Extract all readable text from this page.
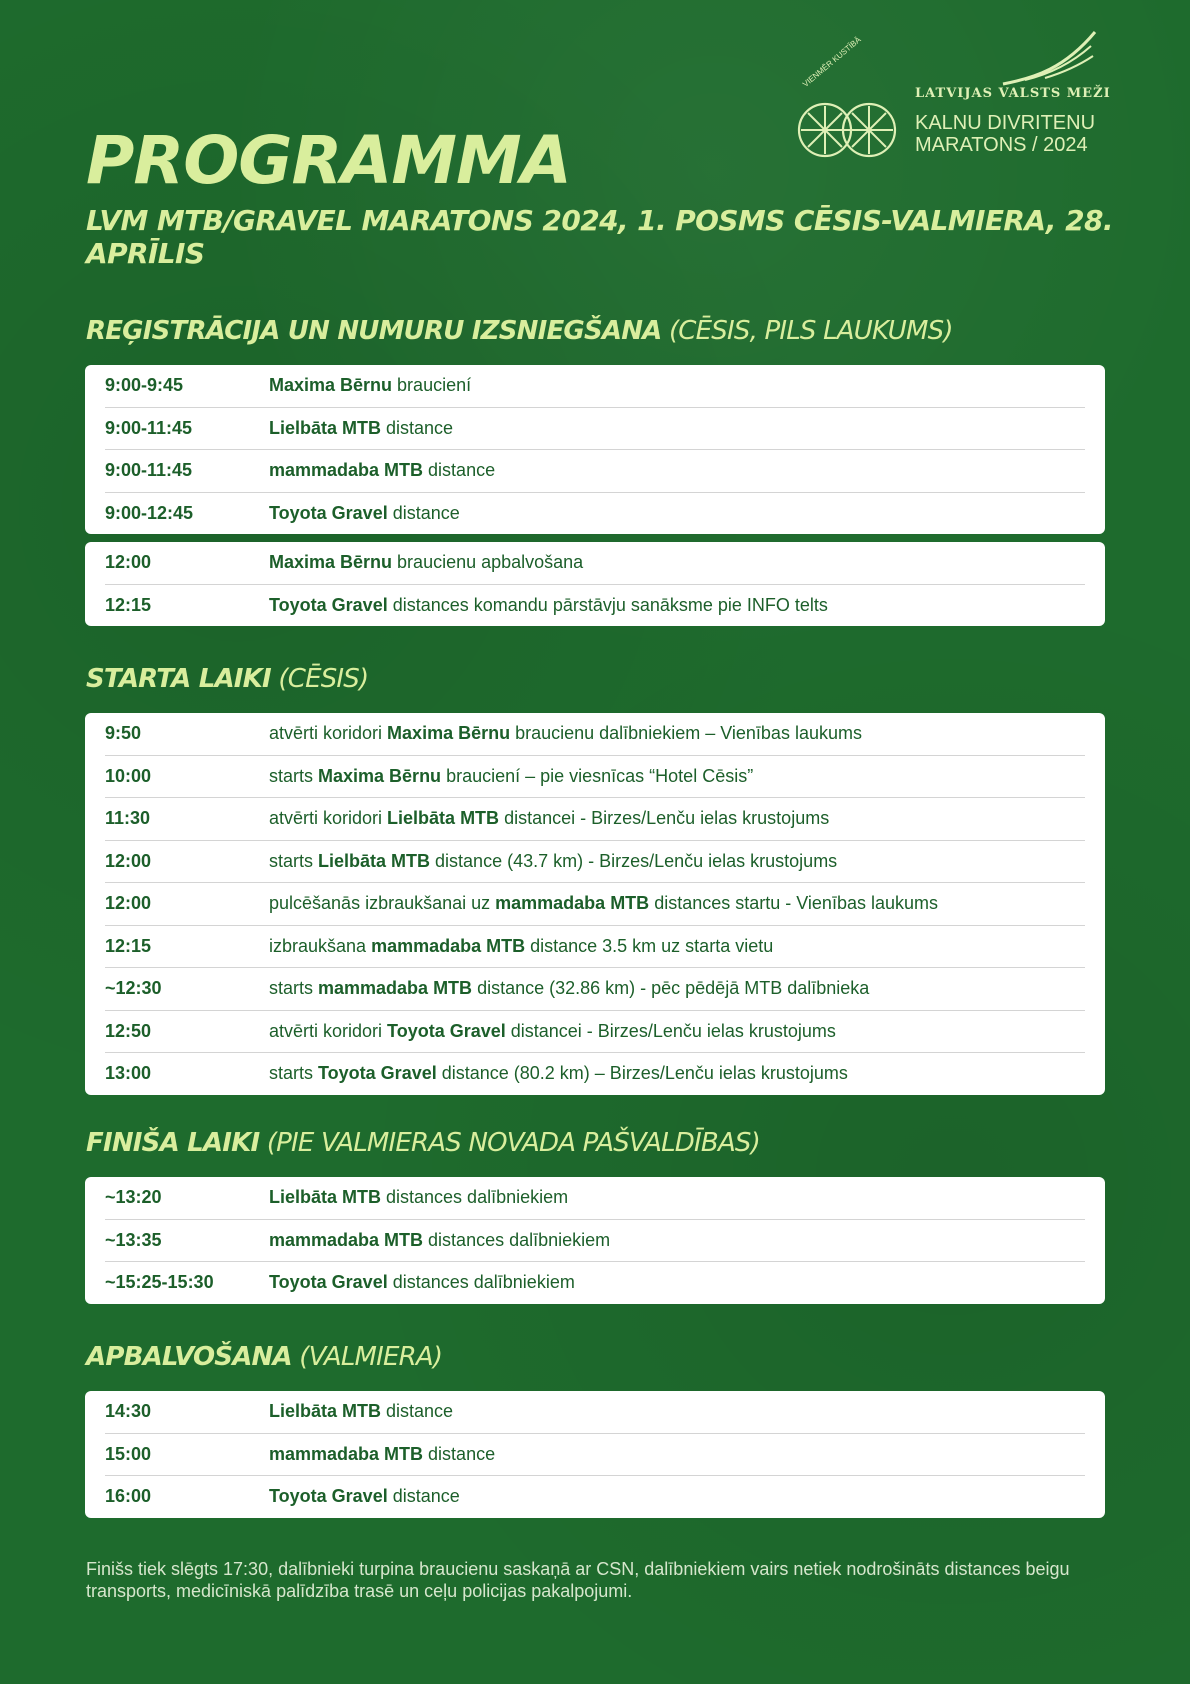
LATVIJAS VALSTS MEŽI
VIENMĒR KUSTĪBĀ
KALNU DIVRITENU
MARATONS / 2024
PROGRAMMA
LVM MTB/GRAVEL MARATONS 2024, 1. POSMS CĒSIS-VALMIERA, 28. APRĪLIS
REĢISTRĀCIJA UN NUMURU IZSNIEGŠANA (CĒSIS, PILS LAUKUMS)
9:00-9:45	Maxima Bērnu brauciení
9:00-11:45	Lielbāta MTB distance
9:00-11:45	mammadaba MTB distance
9:00-12:45	Toyota Gravel distance
12:00	Maxima Bērnu braucienu apbalvošana
12:15	Toyota Gravel distances komandu pārstāvju sanāksme pie INFO telts
STARTA LAIKI (CĒSIS)
9:50	atvērti koridori Maxima Bērnu braucienu dalībniekiem – Vienības laukums
10:00	starts Maxima Bērnu brauciení – pie viesnīcas “Hotel Cēsis”
11:30	atvērti koridori Lielbāta MTB distancei - Birzes/Lenču ielas krustojums
12:00	starts Lielbāta MTB distance (43.7 km) - Birzes/Lenču ielas krustojums
12:00	pulcēšanās izbraukšanai uz mammadaba MTB distances startu - Vienības laukums
12:15	izbraukšana mammadaba MTB distance 3.5 km uz starta vietu
~12:30	starts mammadaba MTB distance (32.86 km) - pēc pēdējā MTB dalībnieka
12:50	atvērti koridori Toyota Gravel distancei - Birzes/Lenču ielas krustojums
13:00	starts Toyota Gravel distance (80.2 km) – Birzes/Lenču ielas krustojums
FINIŠA LAIKI (PIE VALMIERAS NOVADA PAŠVALDĪBAS)
~13:20	Lielbāta MTB distances dalībniekiem
~13:35	mammadaba MTB distances dalībniekiem
~15:25-15:30	Toyota Gravel distances dalībniekiem
APBALVOŠANA (VALMIERA)
14:30	Lielbāta MTB distance
15:00	mammadaba MTB distance
16:00	Toyota Gravel distance

Finišs tiek slēgts 17:30, dalībnieki turpina braucienu saskaņā ar CSN, dalībniekiem vairs netiek nodrošināts distances beigu transports, medicīniskā palīdzība trasē un ceļu policijas pakalpojumi.
